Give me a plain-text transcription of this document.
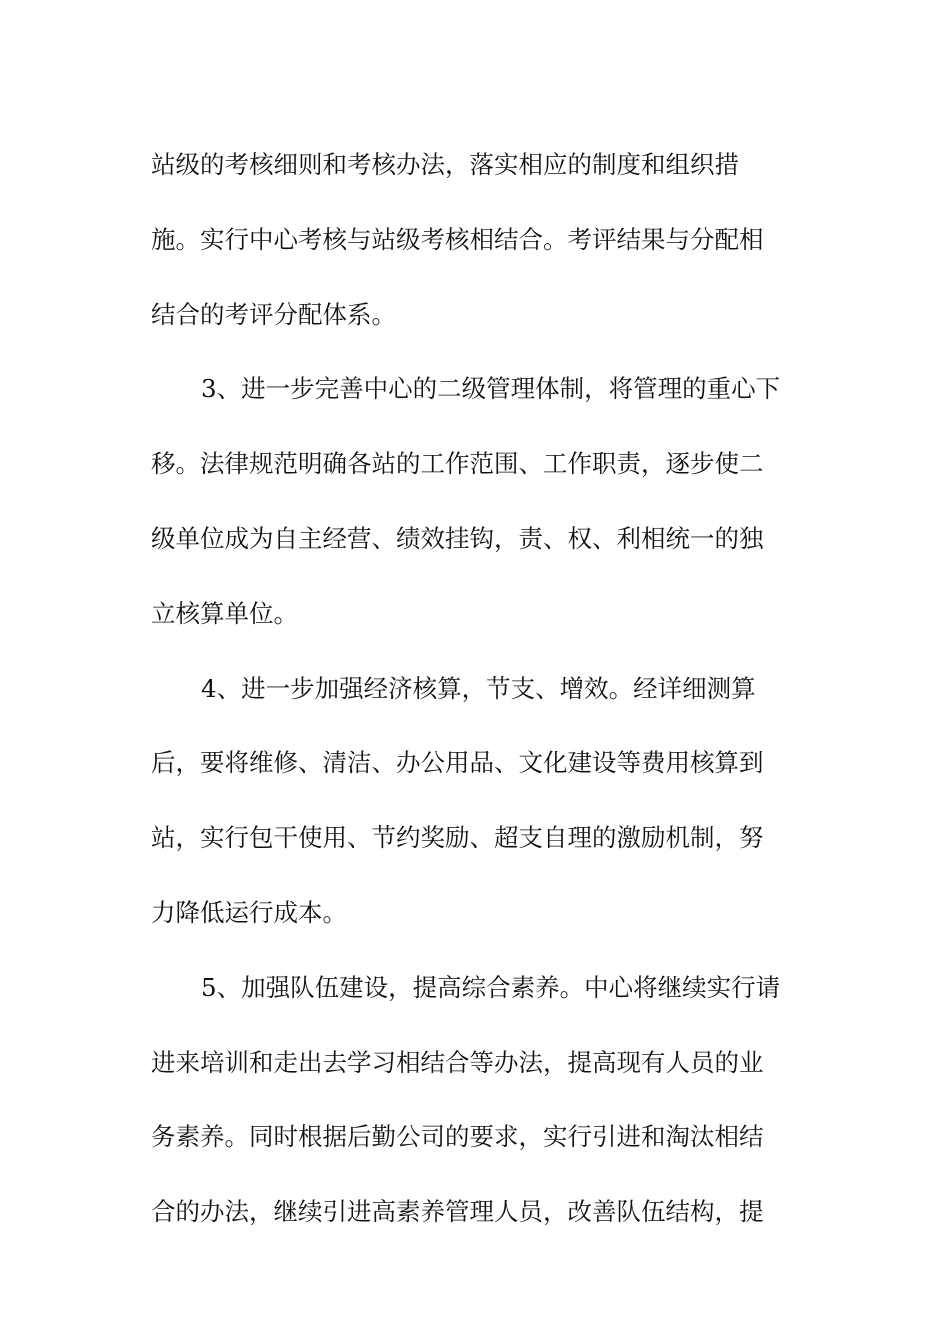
站级的考核细则和考核办法，落实相应的制度和组织措
施。实行中心考核与站级考核相结合。考评结果与分配相
结合的考评分配体系。

3、进一步完善中心的二级管理体制，将管理的重心下
移。法律规范明确各站的工作范围、工作职责，逐步使二
级单位成为自主经营、绩效挂钩，责、权、利相统一的独
立核算单位。

4、进一步加强经济核算，节支、增效。经详细测算
后，要将维修、清洁、办公用品、文化建设等费用核算到
站，实行包干使用、节约奖励、超支自理的激励机制，努
力降低运行成本。

5、加强队伍建设，提高综合素养。中心将继续实行请
进来培训和走出去学习相结合等办法，提高现有人员的业
务素养。同时根据后勤公司的要求，实行引进和淘汰相结
合的办法，继续引进高素养管理人员，改善队伍结构，提
